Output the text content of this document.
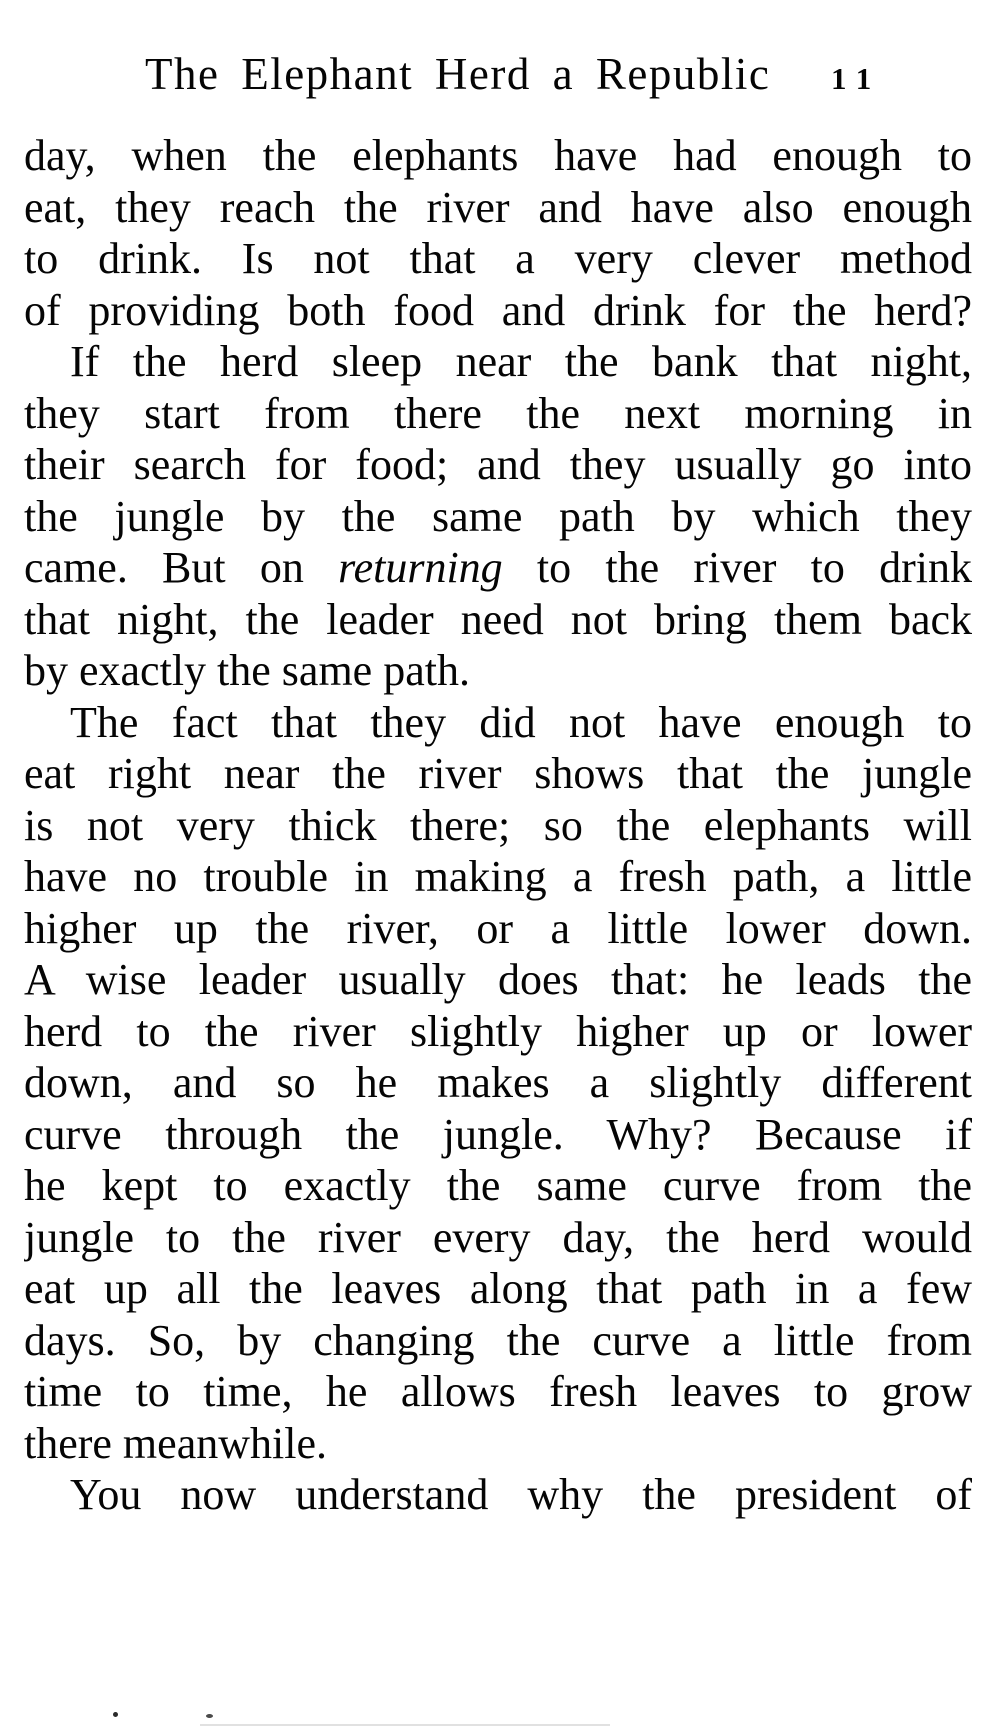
The Elephant Herd a Republic 11
day, when the elephants have had enough to
eat, they reach the river and have also enough
to drink. Is not that a very clever method
of providing both food and drink for the herd?
If the herd sleep near the bank that night,
they start from there the next morning in
their search for food; and they usually go into
the jungle by the same path by which they
came. But on returning to the river to drink
that night, the leader need not bring them back
by exactly the same path.
The fact that they did not have enough to
eat right near the river shows that the jungle
is not very thick there; so the elephants will
have no trouble in making a fresh path, a little
higher up the river, or a little lower down.
A wise leader usually does that: he leads the
herd to the river slightly higher up or lower
down, and so he makes a slightly different
curve through the jungle. Why? Because if
he kept to exactly the same curve from the
jungle to the river every day, the herd would
eat up all the leaves along that path in a few
days. So, by changing the curve a little from
time to time, he allows fresh leaves to grow
there meanwhile.
You now understand why the president of
